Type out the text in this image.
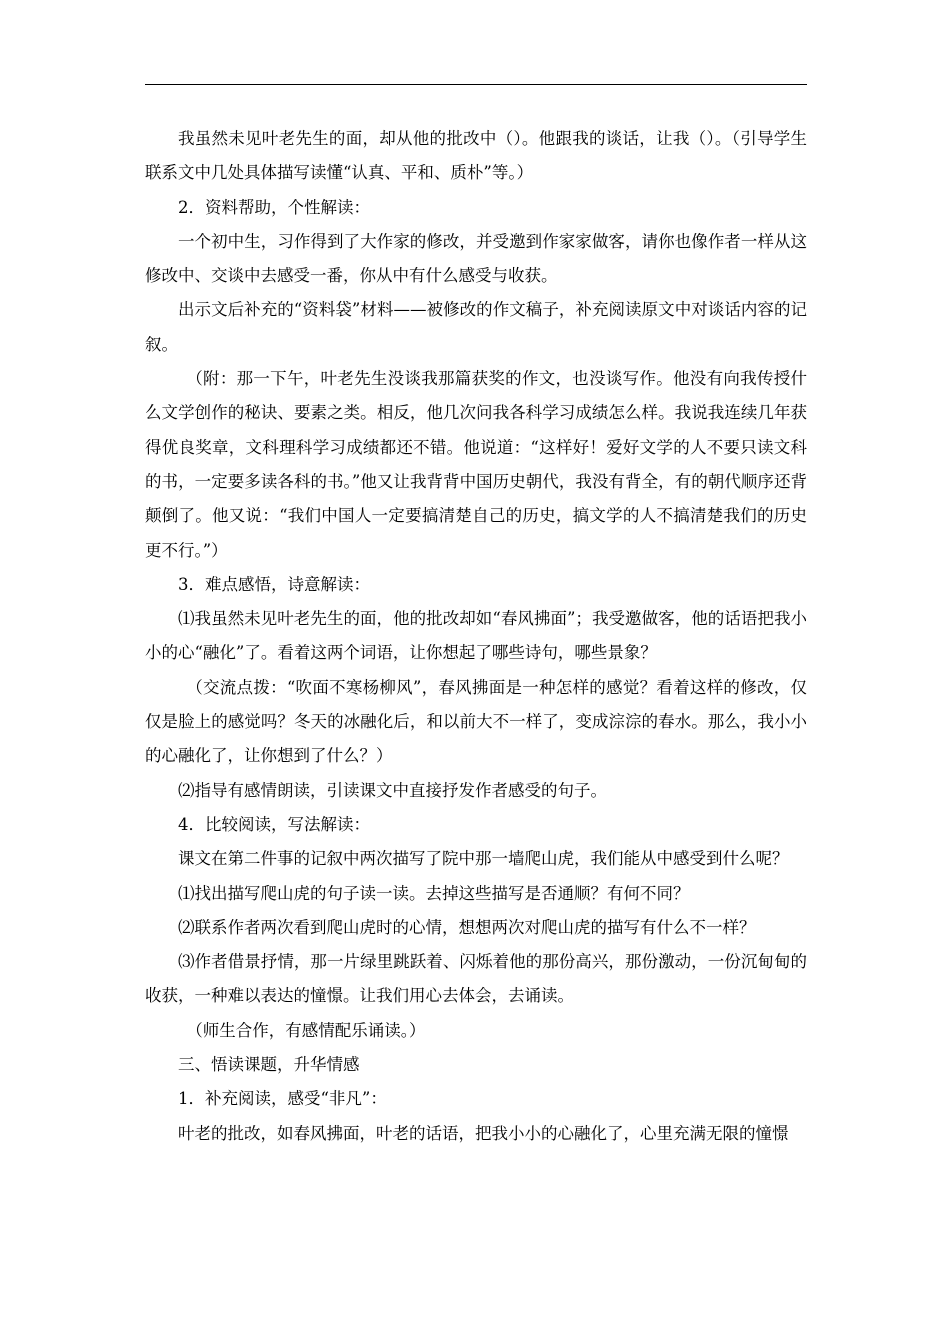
我虽然未见叶老先生的面，却从他的批改中（）。他跟我的谈话，让我（）。（引导学生联系文中几处具体描写读懂“认真、平和、质朴”等。）

2．资料帮助，个性解读：

一个初中生，习作得到了大作家的修改，并受邀到作家家做客，请你也像作者一样从这修改中、交谈中去感受一番，你从中有什么感受与收获。

出示文后补充的“资料袋”材料——被修改的作文稿子，补充阅读原文中对谈话内容的记叙。

（附：那一下午，叶老先生没谈我那篇获奖的作文，也没谈写作。他没有向我传授什么文学创作的秘诀、要素之类。相反，他几次问我各科学习成绩怎么样。我说我连续几年获得优良奖章，文科理科学习成绩都还不错。他说道：“这样好！爱好文学的人不要只读文科的书，一定要多读各科的书。”他又让我背背中国历史朝代，我没有背全，有的朝代顺序还背颠倒了。他又说：“我们中国人一定要搞清楚自己的历史，搞文学的人不搞清楚我们的历史更不行。”）

3．难点感悟，诗意解读：

⑴我虽然未见叶老先生的面，他的批改却如“春风拂面”；我受邀做客，他的话语把我小小的心“融化”了。看着这两个词语，让你想起了哪些诗句，哪些景象？

（交流点拨：“吹面不寒杨柳风”，春风拂面是一种怎样的感觉？看着这样的修改，仅仅是脸上的感觉吗？冬天的冰融化后，和以前大不一样了，变成淙淙的春水。那么，我小小的心融化了，让你想到了什么？）

⑵指导有感情朗读，引读课文中直接抒发作者感受的句子。

4．比较阅读，写法解读：

课文在第二件事的记叙中两次描写了院中那一墙爬山虎，我们能从中感受到什么呢？

⑴找出描写爬山虎的句子读一读。去掉这些描写是否通顺？有何不同？

⑵联系作者两次看到爬山虎时的心情，想想两次对爬山虎的描写有什么不一样？

⑶作者借景抒情，那一片绿里跳跃着、闪烁着他的那份高兴，那份激动，一份沉甸甸的收获，一种难以表达的憧憬。让我们用心去体会，去诵读。

（师生合作，有感情配乐诵读。）

三、悟读课题，升华情感

1．补充阅读，感受“非凡”：

叶老的批改，如春风拂面，叶老的话语，把我小小的心融化了，心里充满无限的憧憬
